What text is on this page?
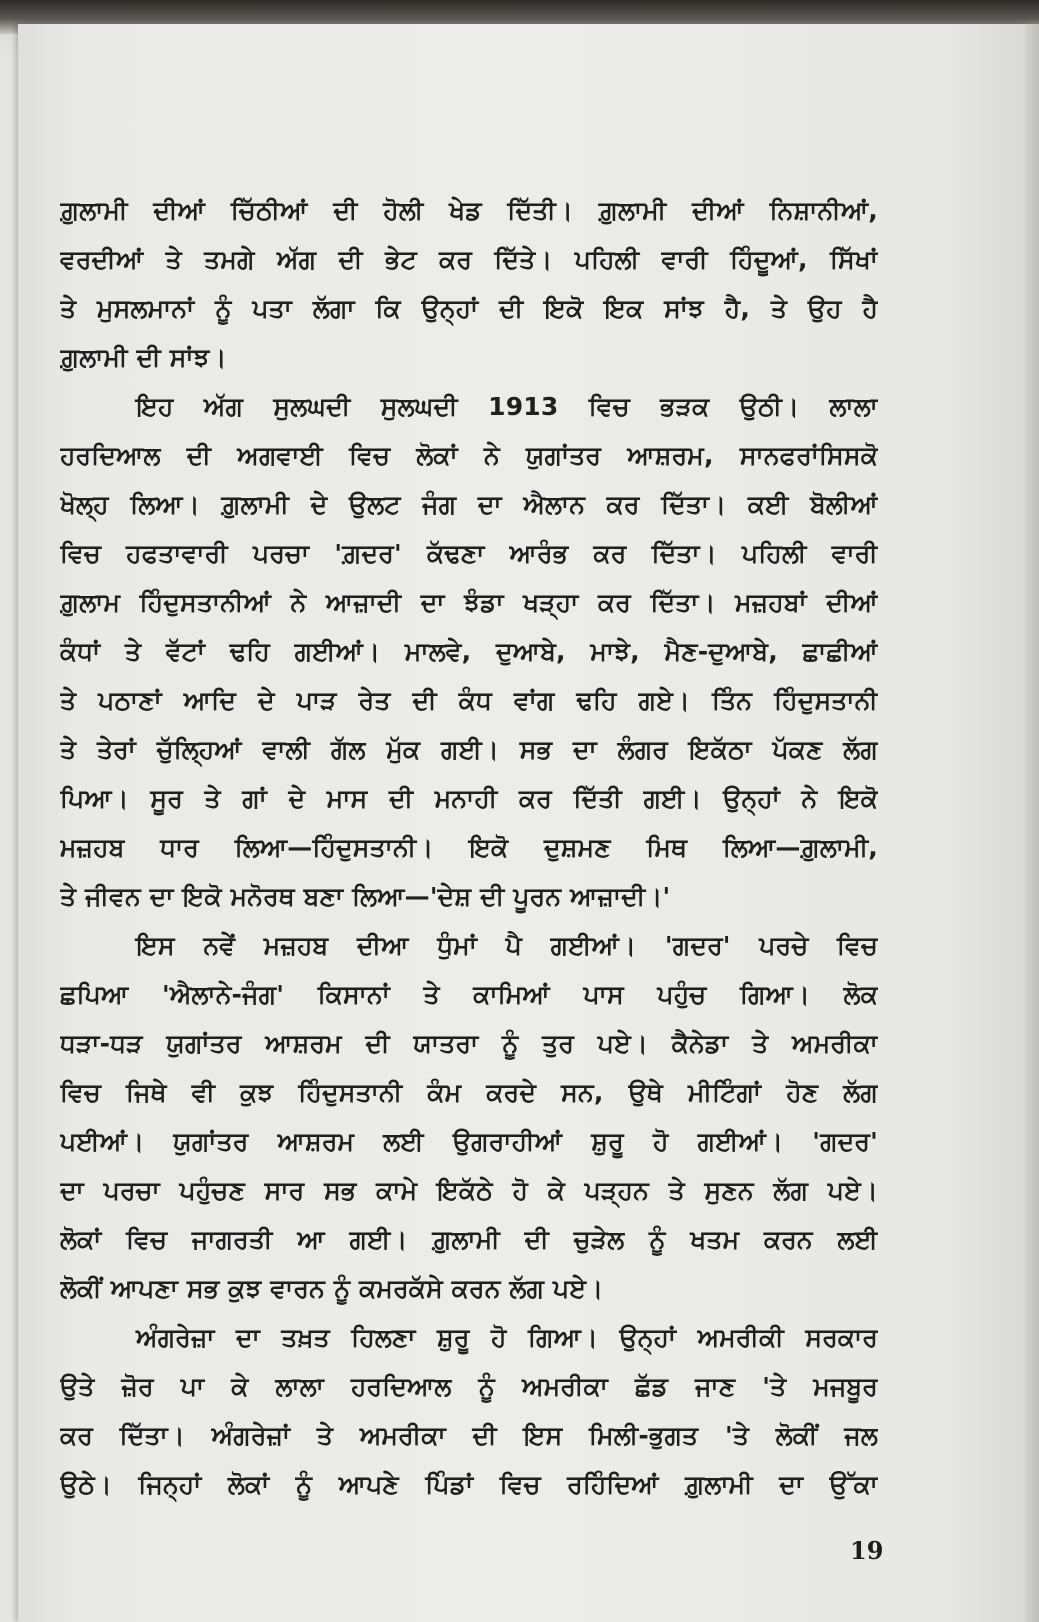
ਗ਼ੁਲਾਮੀ ਦੀਆਂ ਚਿੱਠੀਆਂ ਦੀ ਹੋਲੀ ਖੇਡ ਦਿੱਤੀ। ਗ਼ੁਲਾਮੀ ਦੀਆਂ ਨਿਸ਼ਾਨੀਆਂ,
ਵਰਦੀਆਂ ਤੇ ਤਮਗੇ ਅੱਗ ਦੀ ਭੇਟ ਕਰ ਦਿੱਤੇ। ਪਹਿਲੀ ਵਾਰੀ ਹਿੰਦੂਆਂ, ਸਿੱਖਾਂ
ਤੇ ਮੁਸਲਮਾਨਾਂ ਨੂੰ ਪਤਾ ਲੱਗਾ ਕਿ ਉਨ੍ਹਾਂ ਦੀ ਇਕੋ ਇਕ ਸਾਂਝ ਹੈ, ਤੇ ਉਹ ਹੈ
ਗ਼ੁਲਾਮੀ ਦੀ ਸਾਂਝ।
ਇਹ ਅੱਗ ਸੁਲਘਦੀ ਸੁਲਘਦੀ 1913 ਵਿਚ ਭੜਕ ਉਠੀ। ਲਾਲਾ
ਹਰਦਿਆਲ ਦੀ ਅਗਵਾਈ ਵਿਚ ਲੋਕਾਂ ਨੇ ਯੁਗਾਂਤਰ ਆਸ਼ਰਮ, ਸਾਨਫਰਾਂਸਿਸਕੋ
ਖੋਲ੍ਹ ਲਿਆ। ਗ਼ੁਲਾਮੀ ਦੇ ਉਲਟ ਜੰਗ ਦਾ ਐਲਾਨ ਕਰ ਦਿੱਤਾ। ਕਈ ਬੋਲੀਆਂ
ਵਿਚ ਹਫਤਾਵਾਰੀ ਪਰਚਾ 'ਗ਼ਦਰ' ਕੱਢਣਾ ਆਰੰਭ ਕਰ ਦਿੱਤਾ। ਪਹਿਲੀ ਵਾਰੀ
ਗ਼ੁਲਾਮ ਹਿੰਦੁਸਤਾਨੀਆਂ ਨੇ ਆਜ਼ਾਦੀ ਦਾ ਝੰਡਾ ਖੜ੍ਹਾ ਕਰ ਦਿੱਤਾ। ਮਜ਼ਹਬਾਂ ਦੀਆਂ
ਕੰਧਾਂ ਤੇ ਵੱਟਾਂ ਢਹਿ ਗਈਆਂ। ਮਾਲਵੇ, ਦੁਆਬੇ, ਮਾਝੇ, ਮੈਣ-ਦੁਆਬੇ, ਛਾਛੀਆਂ
ਤੇ ਪਠਾਣਾਂ ਆਦਿ ਦੇ ਪਾੜ ਰੇਤ ਦੀ ਕੰਧ ਵਾਂਗ ਢਹਿ ਗਏ। ਤਿੰਨ ਹਿੰਦੁਸਤਾਨੀ
ਤੇ ਤੇਰਾਂ ਚੁੱਲ੍ਹਿਆਂ ਵਾਲੀ ਗੱਲ ਮੁੱਕ ਗਈ। ਸਭ ਦਾ ਲੰਗਰ ਇਕੱਠਾ ਪੱਕਣ ਲੱਗ
ਪਿਆ। ਸੂਰ ਤੇ ਗਾਂ ਦੇ ਮਾਸ ਦੀ ਮਨਾਹੀ ਕਰ ਦਿੱਤੀ ਗਈ। ਉਨ੍ਹਾਂ ਨੇ ਇਕੋ
ਮਜ਼ਹਬ ਧਾਰ ਲਿਆ—ਹਿੰਦੁਸਤਾਨੀ। ਇਕੋ ਦੁਸ਼ਮਣ ਮਿਥ ਲਿਆ—ਗ਼ੁਲਾਮੀ,
ਤੇ ਜੀਵਨ ਦਾ ਇਕੋ ਮਨੋਰਥ ਬਣਾ ਲਿਆ—'ਦੇਸ਼ ਦੀ ਪੂਰਨ ਆਜ਼ਾਦੀ।'
ਇਸ ਨਵੇਂ ਮਜ਼ਹਬ ਦੀਆ ਧੁੰਮਾਂ ਪੈ ਗਈਆਂ। 'ਗਦਰ' ਪਰਚੇ ਵਿਚ
ਛਪਿਆ 'ਐਲਾਨੇ-ਜੰਗ' ਕਿਸਾਨਾਂ ਤੇ ਕਾਮਿਆਂ ਪਾਸ ਪਹੁੰਚ ਗਿਆ। ਲੋਕ
ਧੜਾ-ਧੜ ਯੁਗਾਂਤਰ ਆਸ਼ਰਮ ਦੀ ਯਾਤਰਾ ਨੂੰ ਤੁਰ ਪਏ। ਕੈਨੇਡਾ ਤੇ ਅਮਰੀਕਾ
ਵਿਚ ਜਿਥੇ ਵੀ ਕੁਝ ਹਿੰਦੁਸਤਾਨੀ ਕੰਮ ਕਰਦੇ ਸਨ, ਉਥੇ ਮੀਟਿੰਗਾਂ ਹੋਣ ਲੱਗ
ਪਈਆਂ। ਯੁਗਾਂਤਰ ਆਸ਼ਰਮ ਲਈ ਉਗਰਾਹੀਆਂ ਸ਼ੁਰੂ ਹੋ ਗਈਆਂ। 'ਗਦਰ'
ਦਾ ਪਰਚਾ ਪਹੁੰਚਣ ਸਾਰ ਸਭ ਕਾਮੇ ਇਕੱਠੇ ਹੋ ਕੇ ਪੜ੍ਹਨ ਤੇ ਸੁਣਨ ਲੱਗ ਪਏ।
ਲੋਕਾਂ ਵਿਚ ਜਾਗਰਤੀ ਆ ਗਈ। ਗ਼ੁਲਾਮੀ ਦੀ ਚੁੜੇਲ ਨੂੰ ਖਤਮ ਕਰਨ ਲਈ
ਲੋਕੀਂ ਆਪਣਾ ਸਭ ਕੁਝ ਵਾਰਨ ਨੂੰ ਕਮਰਕੱਸੇ ਕਰਨ ਲੱਗ ਪਏ।
ਅੰਗਰੇਜ਼ਾ ਦਾ ਤਖ਼ਤ ਹਿਲਣਾ ਸ਼ੁਰੂ ਹੋ ਗਿਆ। ਉਨ੍ਹਾਂ ਅਮਰੀਕੀ ਸਰਕਾਰ
ਉਤੇ ਜ਼ੋਰ ਪਾ ਕੇ ਲਾਲਾ ਹਰਦਿਆਲ ਨੂੰ ਅਮਰੀਕਾ ਛੱਡ ਜਾਣ 'ਤੇ ਮਜਬੂਰ
ਕਰ ਦਿੱਤਾ। ਅੰਗਰੇਜ਼ਾਂ ਤੇ ਅਮਰੀਕਾ ਦੀ ਇਸ ਮਿਲੀ-ਭੁਗਤ 'ਤੇ ਲੋਕੀਂ ਜਲ
ਉਠੇ। ਜਿਨ੍ਹਾਂ ਲੋਕਾਂ ਨੂੰ ਆਪਣੇ ਪਿੰਡਾਂ ਵਿਚ ਰਹਿੰਦਿਆਂ ਗ਼ੁਲਾਮੀ ਦਾ ਉੱਕਾ
19
